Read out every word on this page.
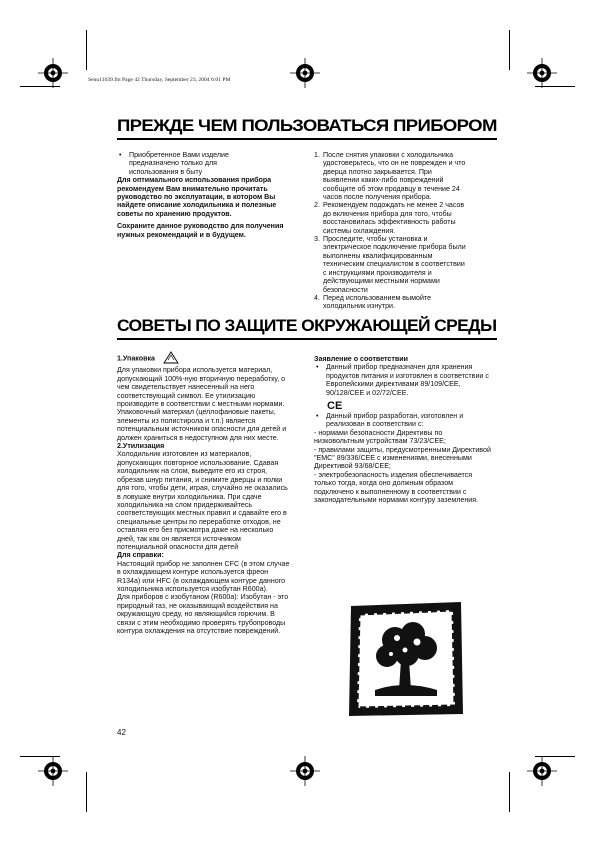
Seuu11039.fm Page 42 Thursday, September 23, 2004 6:01 PM
ПРЕЖДЕ ЧЕМ ПОЛЬЗОВАТЬСЯ ПРИБОРОМ

• Приобретенное Вами изделие предназначено только для использования в быту

Для оптимального использования прибора рекомендуем Вам внимательно прочитать руководство по эксплуатации, в котором Вы найдете описание холодильника и полезные советы по хранению продуктов.

Сохраните данное руководство для получения нужных рекомендаций и в будущем.

1. После снятия упаковки с холодильника удостоверьтесь, что он не поврежден и что дверца плотно закрывается. При выявлении каких-либо повреждений сообщите об этом продавцу в течение 24 часов после получения прибора.

2. Рекомендуем подождать не менее 2 часов до включения прибора для того, чтобы восстановилась эффективность работы системы охлаждения.

3. Проследите, чтобы установка и электрическое подключение прибора были выполнены квалифицированным техническим специалистом в соответствии с инструкциями производителя и действующими местными нормами безопасности

4. Перед использованием вымойте холодильник изнутри.

СОВЕТЫ ПО ЗАЩИТЕ ОКРУЖАЮЩЕЙ СРЕДЫ

1.Упаковка

Для упаковки прибора используется материал, допускающий 100%-ную вторичную переработку, о чем свидетельствует нанесенный на него соответствующий символ. Ее утилизацию производите в соответствии с местными нормами. Упаковочный материал (целлофановые пакеты, элементы из полистирола и т.п.) является потенциальным источником опасности для детей и должен храниться в недоступном для них месте.

2.Утилизация

Холодильник изготовлен из материалов, допускающих повторное использование. Сдавая холодильник на слом, выведите его из строя, обрезав шнур питания, и снимите дверцы и полки для того, чтобы дети, играя, случайно не оказались в ловушке внутри холодильника. При сдаче холодильника на слом придерживайтесь соответствующих местных правил и сдавайте его в специальные центры по переработке отходов, не оставляя его без присмотра даже на несколько дней, так как он является источником потенциальной опасности для детей

Для справки:

Настоящий прибор не заполнен CFC (в этом случае в охлаждающем контуре используется фреон R134a) или HFC (в охлаждающем контуре данного холодильника используется изобутан R600a).

Для приборов с изобутаном (R600a): Изобутан - это природный газ, не оказывающий воздействия на окружающую среду, но являющийся горючим. В связи с этим необходимо проверять трубопроводы контура охлаждения на отсутствие повреждений.

Заявление о соответствии

• Данный прибор предназначен для хранения продуктов питания и изготовлен в соответствии с Европейскими директивами 89/109/CEE, 90/128/CEE и 02/72/CEE.

CE

• Данный прибор разработан, изготовлен и реализован в соответствии с:

- нормами безопасности Директивы по низковольтным устройствам 73/23/CEE;

- правилами защиты, предусмотренными Директивой "ЕМС" 89/336/CEE с изменениями, внесенными Директивой 93/68/CEE;

- электробезопасность изделия обеспечивается только тогда, когда оно должным образом подключено к выполненному в соответствии с законодательными нормами контуру заземления.

42
